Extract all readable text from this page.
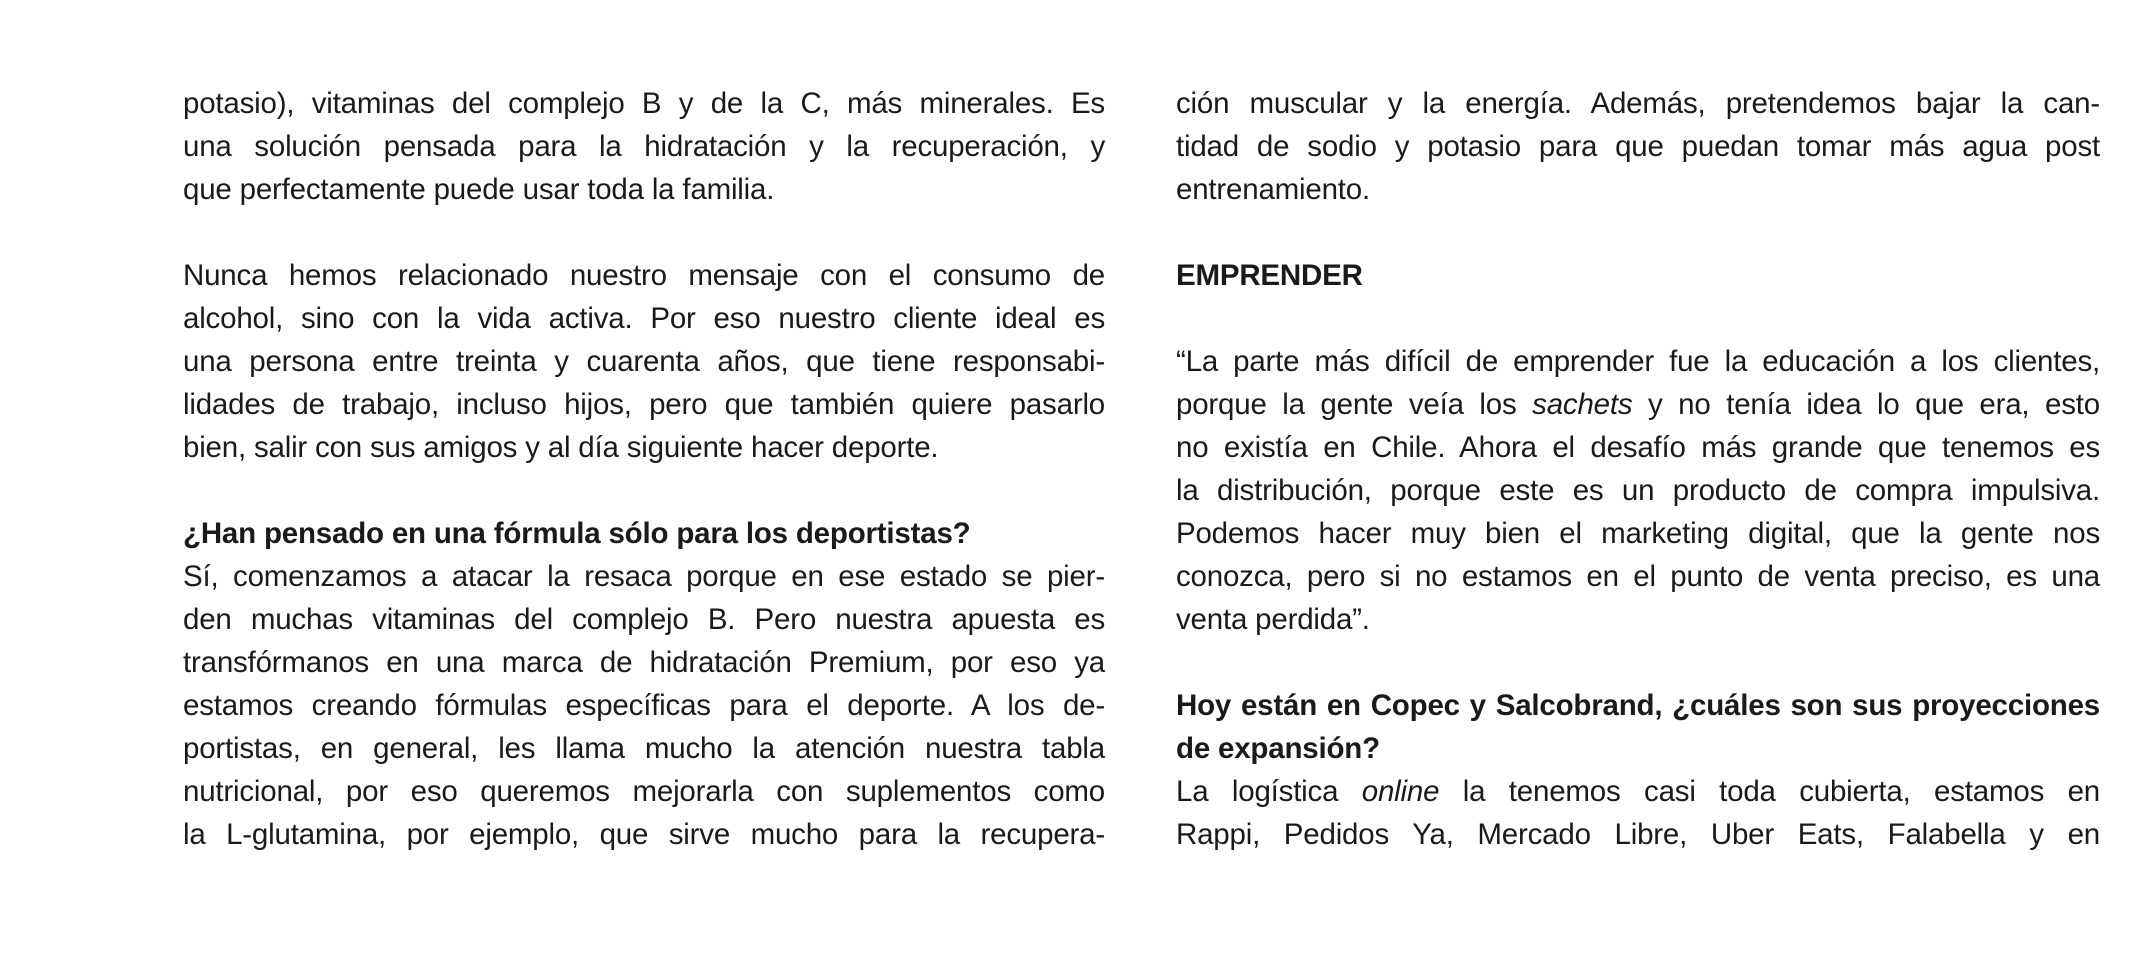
potasio), vitaminas del complejo B y de la C, más minerales. Es
una solución pensada para la hidratación y la recuperación, y
que perfectamente puede usar toda la familia.
Nunca hemos relacionado nuestro mensaje con el consumo de
alcohol, sino con la vida activa. Por eso nuestro cliente ideal es
una persona entre treinta y cuarenta años, que tiene responsabi-
lidades de trabajo, incluso hijos, pero que también quiere pasarlo
bien, salir con sus amigos y al día siguiente hacer deporte.
¿Han pensado en una fórmula sólo para los deportistas?
Sí, comenzamos a atacar la resaca porque en ese estado se pier-
den muchas vitaminas del complejo B. Pero nuestra apuesta es
transfórmanos en una marca de hidratación Premium, por eso ya
estamos creando fórmulas específicas para el deporte. A los de-
portistas, en general, les llama mucho la atención nuestra tabla
nutricional, por eso queremos mejorarla con suplementos como
la L-glutamina, por ejemplo, que sirve mucho para la recupera-
ción muscular y la energía. Además, pretendemos bajar la can-
tidad de sodio y potasio para que puedan tomar más agua post
entrenamiento.
EMPRENDER
“La parte más difícil de emprender fue la educación a los clientes,
porque la gente veía los sachets y no tenía idea lo que era, esto
no existía en Chile. Ahora el desafío más grande que tenemos es
la distribución, porque este es un producto de compra impulsiva.
Podemos hacer muy bien el marketing digital, que la gente nos
conozca, pero si no estamos en el punto de venta preciso, es una
venta perdida”.
Hoy están en Copec y Salcobrand, ¿cuáles son sus proyecciones
de expansión?
La logística online la tenemos casi toda cubierta, estamos en
Rappi, Pedidos Ya, Mercado Libre, Uber Eats, Falabella y en
